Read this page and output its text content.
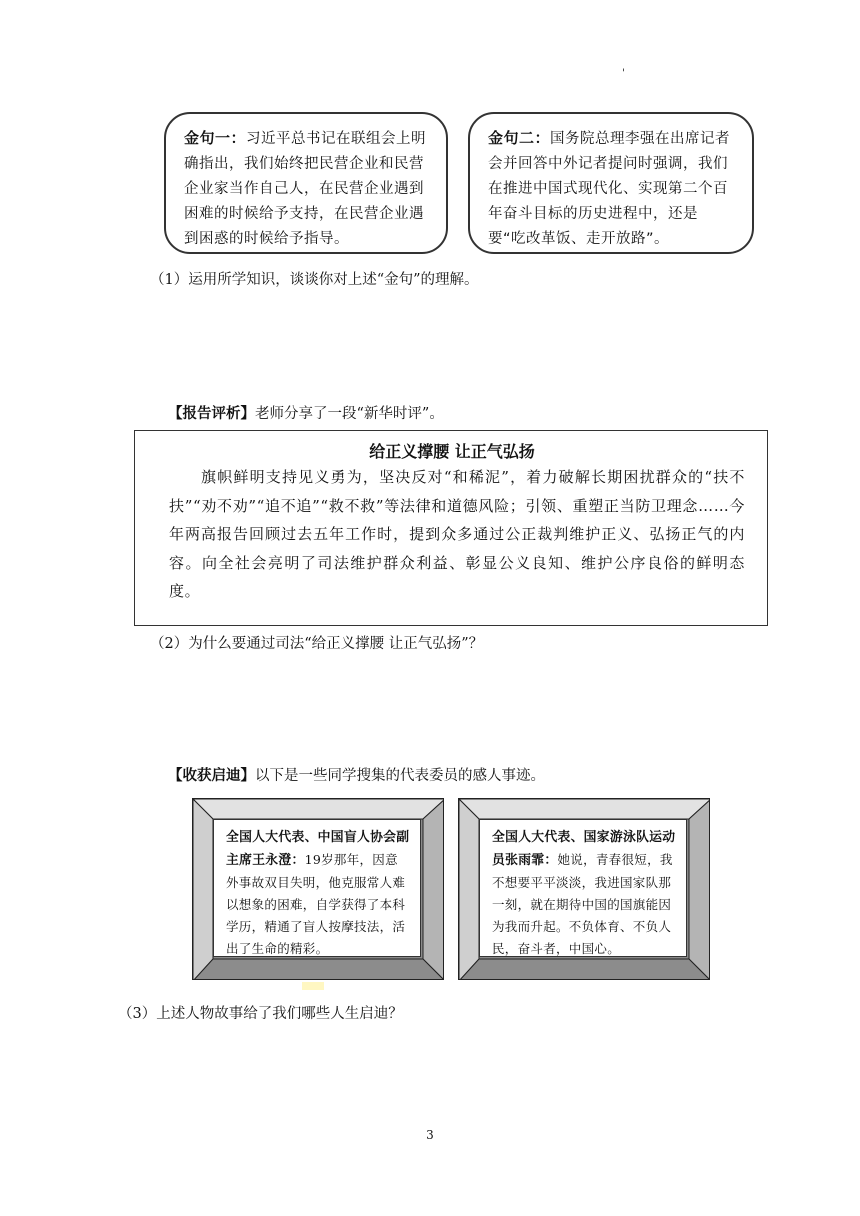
'
金句一：习近平总书记在联组会上明确指出，我们始终把民营企业和民营企业家当作自己人，在民营企业遇到困难的时候给予支持，在民营企业遇到困惑的时候给予指导。
金句二：国务院总理李强在出席记者会并回答中外记者提问时强调，我们在推进中国式现代化、实现第二个百年奋斗目标的历史进程中，还是要“吃改革饭、走开放路”。
（1）运用所学知识，谈谈你对上述“金句”的理解。
【报告评析】老师分享了一段“新华时评”。
给正义撑腰 让正气弘扬
旗帜鲜明支持见义勇为，坚决反对“和稀泥”，着力破解长期困扰群众的“扶不扶”“劝不劝”“追不追”“救不救”等法律和道德风险；引领、重塑正当防卫理念……今年两高报告回顾过去五年工作时，提到众多通过公正裁判维护正义、弘扬正气的内容。向全社会亮明了司法维护群众利益、彰显公义良知、维护公序良俗的鲜明态度。
（2）为什么要通过司法“给正义撑腰 让正气弘扬”？
【收获启迪】以下是一些同学搜集的代表委员的感人事迹。
全国人大代表、中国盲人协会副主席王永澄：19岁那年，因意外事故双目失明，他克服常人难以想象的困难，自学获得了本科学历，精通了盲人按摩技法，活出了生命的精彩。
全国人大代表、国家游泳队运动员张雨霏：她说，青春很短，我不想要平平淡淡，我进国家队那一刻，就在期待中国的国旗能因为我而升起。不负体育、不负人民，奋斗者，中国心。
（3）上述人物故事给了我们哪些人生启迪？
3
